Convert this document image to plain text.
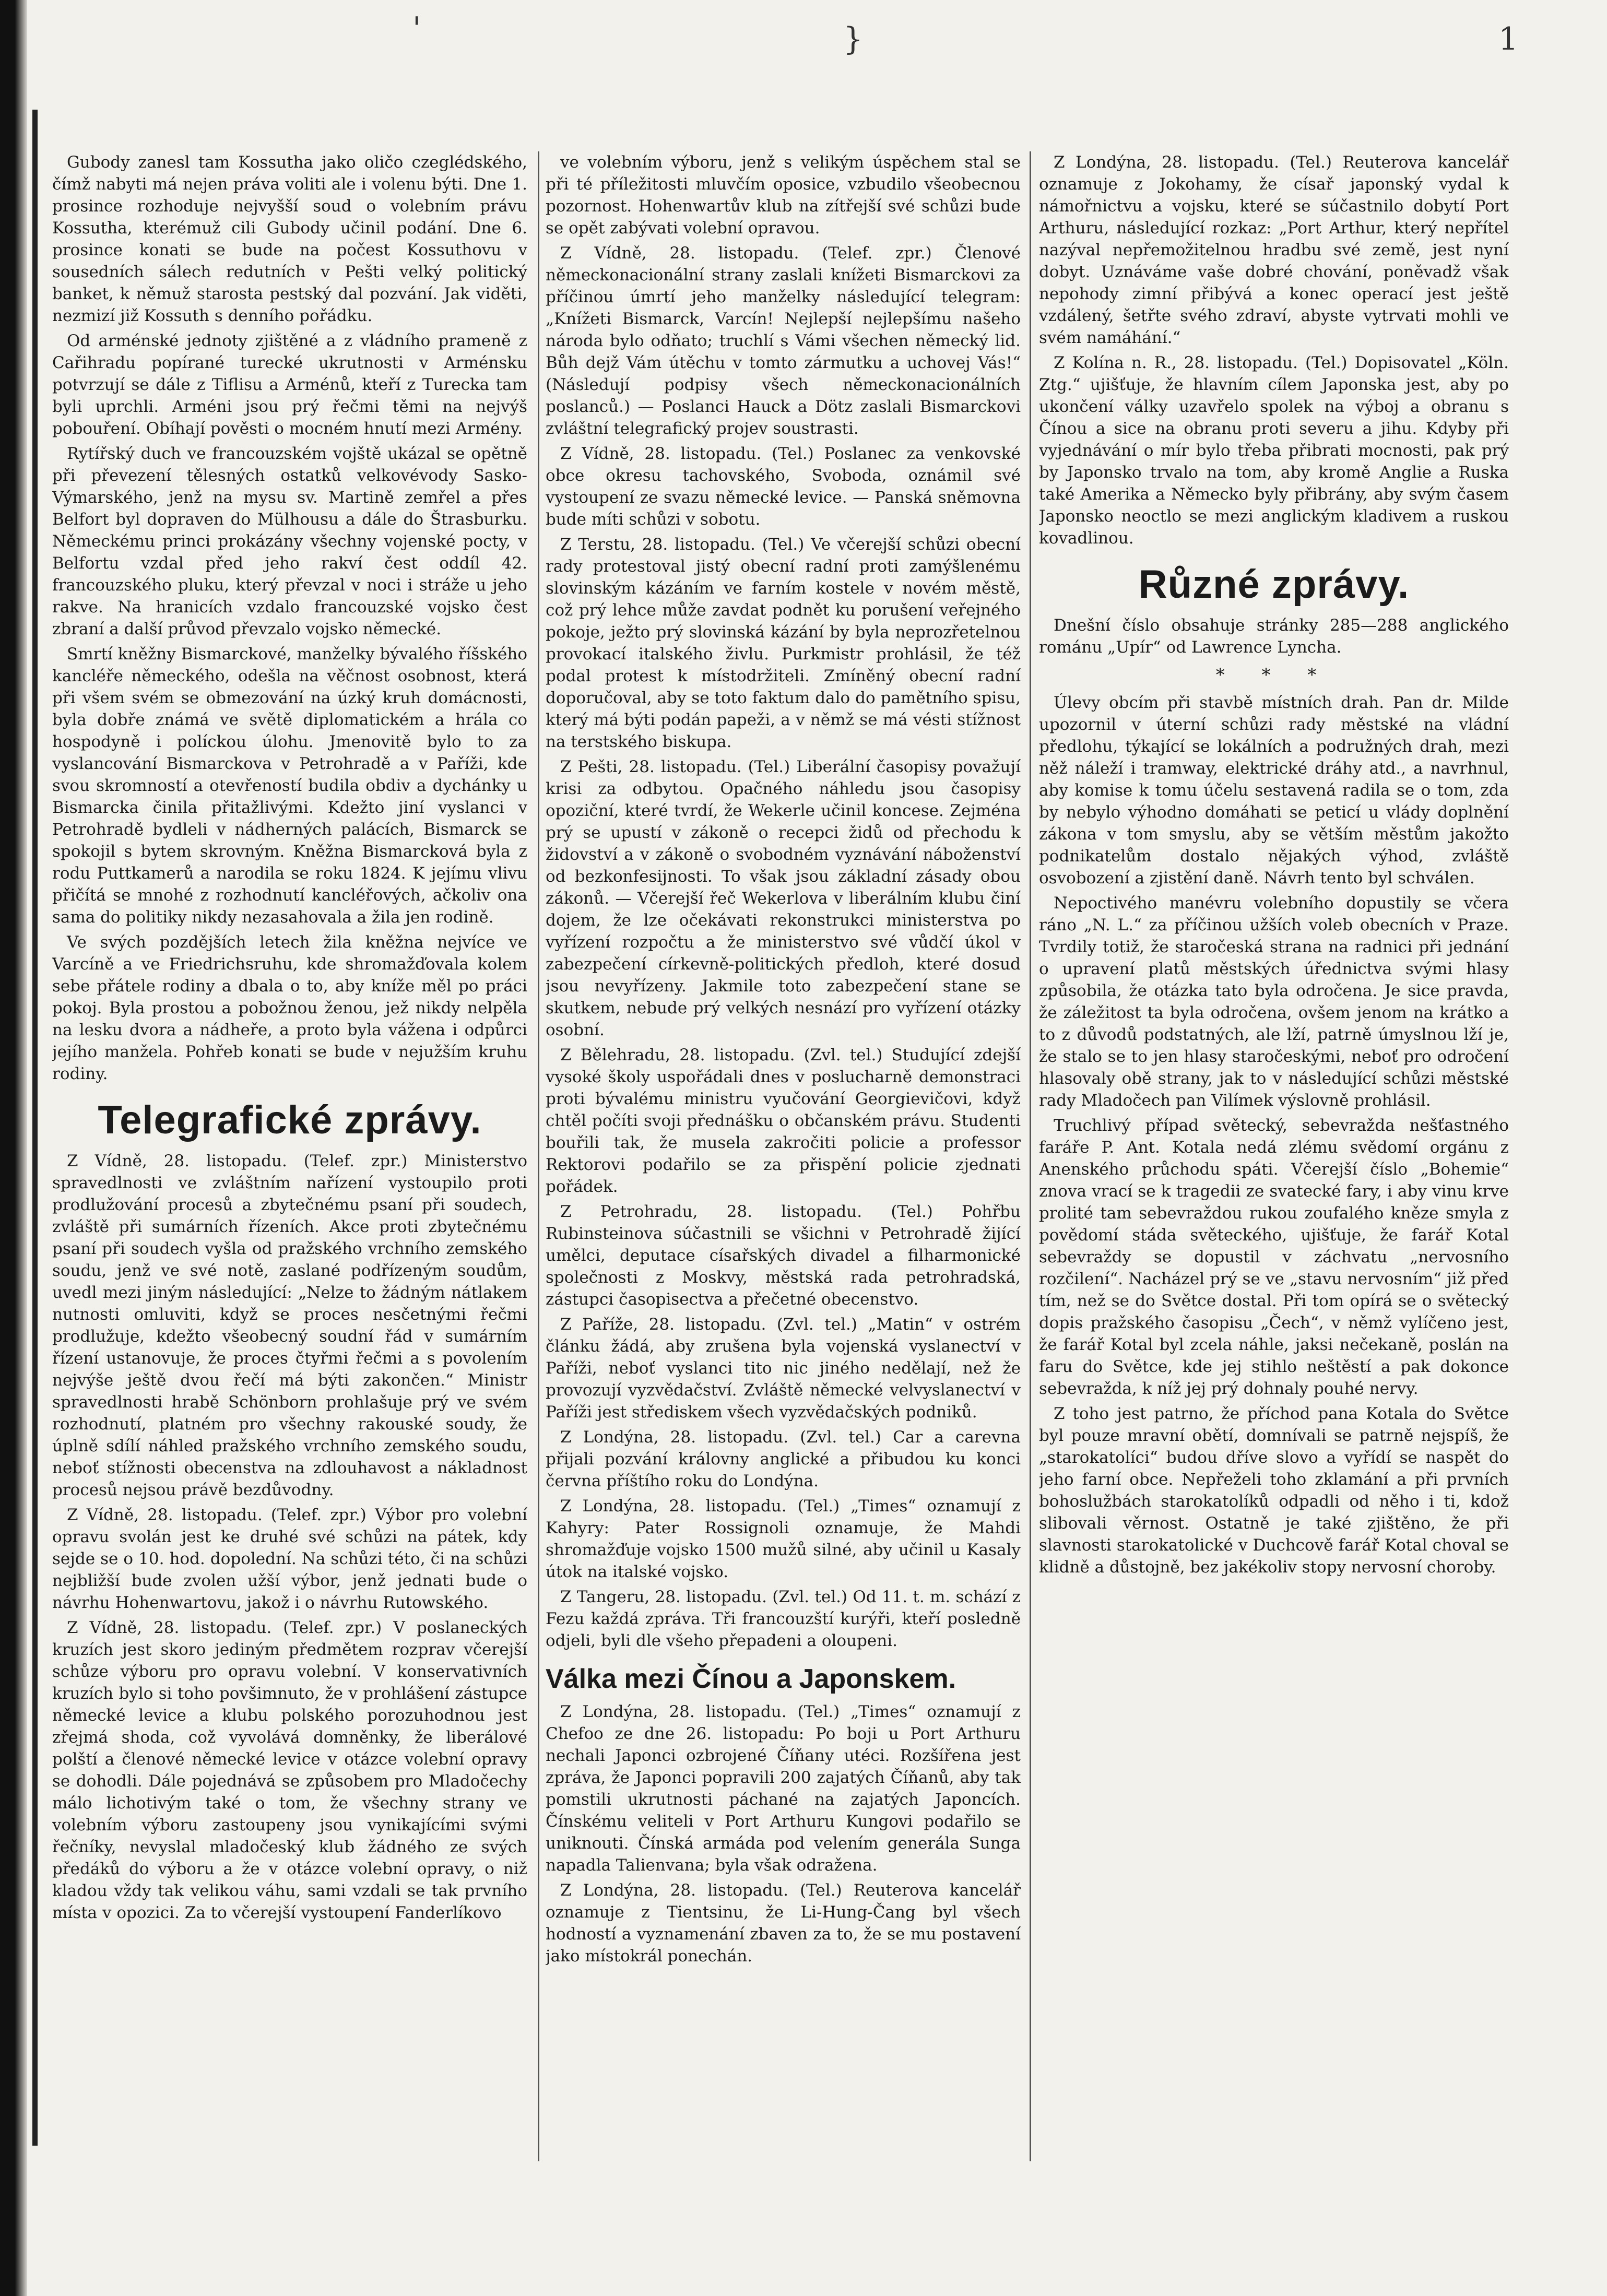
'	}	1

Gubody zanesl tam Kossutha jako oličo czeglédského, čímž nabyti má nejen práva voliti ale i volenu býti. Dne 1. prosince rozhoduje nejvyšší soud o volebním právu Kossutha, kterémuž cili Gubody učinil podání. Dne 6. prosince konati se bude na počest Kossuthovu v sousedních sálech redutních v Pešti velký politický banket, k němuž starosta pestský dal pozvání. Jak viděti, nezmizí již Kossuth s denního pořádku.

Od arménské jednoty zjištěné a z vládního prameně z Cařihradu popírané turecké ukrutnosti v Arménsku potvrzují se dále z Tiflisu a Arménů, kteří z Turecka tam byli uprchli. Arméni jsou prý řečmi těmi na nejvýš pobouření. Obíhají pověsti o mocném hnutí mezi Armény.

Rytířský duch ve francouzském vojště ukázal se opětně při převezení tělesných ostatků velkovévody Sasko-Výmarského, jenž na mysu sv. Martině zemřel a přes Belfort byl dopraven do Mülhousu a dále do Štrasburku. Německému princi prokázány všechny vojenské pocty, v Belfortu vzdal před jeho rakví čest oddíl 42. francouzského pluku, který převzal v noci i stráže u jeho rakve. Na hranicích vzdalo francouzské vojsko čest zbraní a další průvod převzalo vojsko německé.

Smrtí kněžny Bismarckové, manželky bývalého říšského kancléře německého, odešla na věčnost osobnost, která při všem svém se obmezování na úzký kruh domácnosti, byla dobře známá ve světě diplomatickém a hrála co hospodyně i políckou úlohu. Jmenovitě bylo to za vyslancování Bismarckova v Petrohradě a v Paříži, kde svou skromností a otevřeností budila obdiv a dychánky u Bismarcka činila přitažlivými. Kdežto jiní vyslanci v Petrohradě bydleli v nádherných palácích, Bismarck se spokojil s bytem skrovným. Kněžna Bismarcková byla z rodu Puttkamerů a narodila se roku 1824. K jejímu vlivu přičítá se mnohé z rozhodnutí kancléřových, ačkoliv ona sama do politiky nikdy nezasahovala a žila jen rodině.

Ve svých pozdějších letech žila kněžna nejvíce ve Varcíně a ve Friedrichsruhu, kde shromažďovala kolem sebe přátele rodiny a dbala o to, aby kníže měl po práci pokoj. Byla prostou a pobožnou ženou, jež nikdy nelpěla na lesku dvora a nádheře, a proto byla vážena i odpůrci jejího manžela. Pohřeb konati se bude v nejužším kruhu rodiny.

Telegrafické zprávy.

Z Vídně, 28. listopadu. (Telef. zpr.) Ministerstvo spravedlnosti ve zvláštním nařízení vystoupilo proti prodlužování procesů a zbytečnému psaní při soudech, zvláště při sumárních řízeních. Akce proti zbytečnému psaní při soudech vyšla od pražského vrchního zemského soudu, jenž ve své notě, zaslané podřízeným soudům, uvedl mezi jiným následující: „Nelze to žádným nátlakem nutnosti omluviti, když se proces nesčetnými řečmi prodlužuje, kdežto všeobecný soudní řád v sumárním řízení ustanovuje, že proces čtyřmi řečmi a s povolením nejvýše ještě dvou řečí má býti zakončen.“ Ministr spravedlnosti hrabě Schönborn prohlašuje prý ve svém rozhodnutí, platném pro všechny rakouské soudy, že úplně sdílí náhled pražského vrchního zemského soudu, neboť stížnosti obecenstva na zdlouhavost a nákladnost procesů nejsou právě bezdůvodny.

Z Vídně, 28. listopadu. (Telef. zpr.) Výbor pro volební opravu svolán jest ke druhé své schůzi na pátek, kdy sejde se o 10. hod. dopolední. Na schůzi této, či na schůzi nejbližší bude zvolen užší výbor, jenž jednati bude o návrhu Hohenwartovu, jakož i o návrhu Rutowského.

Z Vídně, 28. listopadu. (Telef. zpr.) V poslaneckých kruzích jest skoro jediným předmětem rozprav včerejší schůze výboru pro opravu volební. V konservativních kruzích bylo si toho povšimnuto, že v prohlášení zástupce německé levice a klubu polského porozuhodnou jest zřejmá shoda, což vyvolává domněnky, že liberálové polští a členové německé levice v otázce volební opravy se dohodli. Dále pojednává se způsobem pro Mladočechy málo lichotivým také o tom, že všechny strany ve volebním výboru zastoupeny jsou vynikajícími svými řečníky, nevyslal mladočeský klub žádného ze svých předáků do výboru a že v otázce volební opravy, o niž kladou vždy tak velikou váhu, sami vzdali se tak prvního místa v opozici. Za to včerejší vystoupení Fanderlíkovo

ve volebním výboru, jenž s velikým úspěchem stal se při té příležitosti mluvčím oposice, vzbudilo všeobecnou pozornost. Hohenwartův klub na zítřejší své schůzi bude se opět zabývati volební opravou.

Z Vídně, 28. listopadu. (Telef. zpr.) Členové německonacionální strany zaslali knížeti Bismarckovi za příčinou úmrtí jeho manželky následující telegram: „Knížeti Bismarck, Varcín! Nejlepší nejlepšímu našeho národa bylo odňato; truchlí s Vámi všechen německý lid. Bůh dejž Vám útěchu v tomto zármutku a uchovej Vás!“ (Následují podpisy všech německonacionálních poslanců.) — Poslanci Hauck a Dötz zaslali Bismarckovi zvláštní telegrafický projev soustrasti.

Z Vídně, 28. listopadu. (Tel.) Poslanec za venkovské obce okresu tachovského, Svoboda, oznámil své vystoupení ze svazu německé levice. — Panská sněmovna bude míti schůzi v sobotu.

Z Terstu, 28. listopadu. (Tel.) Ve včerejší schůzi obecní rady protestoval jistý obecní radní proti zamýšlenému slovinským kázáním ve farním kostele v novém městě, což prý lehce může zavdat podnět ku porušení veřejného pokoje, ježto prý slovinská kázání by byla neprozřetelnou provokací italského živlu. Purkmistr prohlásil, že též podal protest k místodržiteli. Zmíněný obecní radní doporučoval, aby se toto faktum dalo do pamětního spisu, který má býti podán papeži, a v němž se má vésti stížnost na terstského biskupa.

Z Pešti, 28. listopadu. (Tel.) Liberální časopisy považují krisi za odbytou. Opačného náhledu jsou časopisy opoziční, které tvrdí, že Wekerle učinil koncese. Zejména prý se upustí v zákoně o recepci židů od přechodu k židovství a v zákoně o svobodném vyznávání náboženství od bezkonfesijnosti. To však jsou základní zásady obou zákonů. — Včerejší řeč Wekerlova v liberálním klubu činí dojem, že lze očekávati rekonstrukci ministerstva po vyřízení rozpočtu a že ministerstvo své vůdčí úkol v zabezpečení církevně-politických předloh, které dosud jsou nevyřízeny. Jakmile toto zabezpečení stane se skutkem, nebude prý velkých nesnází pro vyřízení otázky osobní.

Z Bělehradu, 28. listopadu. (Zvl. tel.) Studující zdejší vysoké školy uspořádali dnes v poslucharně demonstraci proti bývalému ministru vyučování Georgievičovi, když chtěl počíti svoji přednášku o občanském právu. Studenti bouřili tak, že musela zakročiti policie a professor Rektorovi podařilo se za přispění policie zjednati pořádek.

Z Petrohradu, 28. listopadu. (Tel.) Pohřbu Rubinsteinova súčastnili se všichni v Petrohradě žijící umělci, deputace císařských divadel a filharmonické společnosti z Moskvy, městská rada petrohradská, zástupci časopisectva a přečetné obecenstvo.

Z Paříže, 28. listopadu. (Zvl. tel.) „Matin“ v ostrém článku žádá, aby zrušena byla vojenská vyslanectví v Paříži, neboť vyslanci tito nic jiného nedělají, než že provozují vyzvědačství. Zvláště německé velvyslanectví v Paříži jest střediskem všech vyzvědačských podniků.

Z Londýna, 28. listopadu. (Zvl. tel.) Car a carevna přijali pozvání královny anglické a přibudou ku konci června příštího roku do Londýna.

Z Londýna, 28. listopadu. (Tel.) „Times“ oznamují z Kahyry: Pater Rossignoli oznamuje, že Mahdi shromažďuje vojsko 1500 mužů silné, aby učinil u Kasaly útok na italské vojsko.

Z Tangeru, 28. listopadu. (Zvl. tel.) Od 11. t. m. schází z Fezu každá zpráva. Tři francouzští kurýři, kteří posledně odjeli, byli dle všeho přepadeni a oloupeni.

Válka mezi Čínou a Japonskem.

Z Londýna, 28. listopadu. (Tel.) „Times“ oznamují z Chefoo ze dne 26. listopadu: Po boji u Port Arthuru nechali Japonci ozbrojené Číňany utéci. Rozšířena jest zpráva, že Japonci popravili 200 zajatých Číňanů, aby tak pomstili ukrutnosti páchané na zajatých Japoncích. Čínskému veliteli v Port Arthuru Kungovi podařilo se uniknouti. Čínská armáda pod velením generála Sunga napadla Talienvana; byla však odražena.

Z Londýna, 28. listopadu. (Tel.) Reuterova kancelář oznamuje z Tientsinu, že Li-Hung-Čang byl všech hodností a vyznamenání zbaven za to, že se mu postavení jako místokrál ponechán.

Z Londýna, 28. listopadu. (Tel.) Reuterova kancelář oznamuje z Jokohamy, že císař japonský vydal k námořnictvu a vojsku, které se súčastnilo dobytí Port Arthuru, následující rozkaz: „Port Arthur, který nepřítel nazýval nepřemožitelnou hradbu své země, jest nyní dobyt. Uznáváme vaše dobré chování, poněvadž však nepohody zimní přibývá a konec operací jest ještě vzdálený, šetřte svého zdraví, abyste vytrvati mohli ve svém namáhání.“

Z Kolína n. R., 28. listopadu. (Tel.) Dopisovatel „Köln. Ztg.“ ujišťuje, že hlavním cílem Japonska jest, aby po ukončení války uzavřelo spolek na výboj a obranu s Čínou a sice na obranu proti severu a jihu. Kdyby při vyjednávání o mír bylo třeba přibrati mocnosti, pak prý by Japonsko trvalo na tom, aby kromě Anglie a Ruska také Amerika a Německo byly přibrány, aby svým časem Japonsko neoctlo se mezi anglickým kladivem a ruskou kovadlinou.

Různé zprávy.

Dnešní číslo obsahuje stránky 285—288 anglického románu „Upír“ od Lawrence Lyncha.

* * *

Úlevy obcím při stavbě místních drah. Pan dr. Milde upozornil v úterní schůzi rady městské na vládní předlohu, týkající se lokálních a podružných drah, mezi něž náleží i tramway, elektrické dráhy atd., a navrhnul, aby komise k tomu účelu sestavená radila se o tom, zda by nebylo výhodno domáhati se peticí u vlády doplnění zákona v tom smyslu, aby se větším městům jakožto podnikatelům dostalo nějakých výhod, zvláště osvobození a zjistění daně. Návrh tento byl schválen.

Nepoctivého manévru volebního dopustily se včera ráno „N. L.“ za příčinou užších voleb obecních v Praze. Tvrdily totiž, že staročeská strana na radnici při jednání o upravení platů městských úřednictva svými hlasy způsobila, že otázka tato byla odročena. Je sice pravda, že záležitost ta byla odročena, ovšem jenom na krátko a to z důvodů podstatných, ale lží, patrně úmyslnou lží je, že stalo se to jen hlasy staročeskými, neboť pro odročení hlasovaly obě strany, jak to v následující schůzi městské rady Mladočech pan Vilímek výslovně prohlásil.

Truchlivý případ světecký, sebevražda nešťastného faráře P. Ant. Kotala nedá zlému svědomí orgánu z Anenského průchodu spáti. Včerejší číslo „Bohemie“ znova vrací se k tragedii ze svatecké fary, i aby vinu krve prolité tam sebevraždou rukou zoufalého kněze smyla z povědomí stáda světeckého, ujišťuje, že farář Kotal sebevraždy se dopustil v záchvatu „nervosního rozčilení“. Nacházel prý se ve „stavu nervosním“ již před tím, než se do Světce dostal. Při tom opírá se o světecký dopis pražského časopisu „Čech“, v němž vylíčeno jest, že farář Kotal byl zcela náhle, jaksi nečekaně, poslán na faru do Světce, kde jej stihlo neštěstí a pak dokonce sebevražda, k níž jej prý dohnaly pouhé nervy.

Z toho jest patrno, že příchod pana Kotala do Světce byl pouze mravní obětí, domnívali se patrně nejspíš, že „starokatolíci“ budou dříve slovo a vyřídí se naspět do jeho farní obce. Nepřeželi toho zklamání a při prvních bohoslužbách starokatolíků odpadli od něho i ti, kdož slibovali věrnost. Ostatně je také zjištěno, že při slavnosti starokatolické v Duchcově farář Kotal choval se klidně a důstojně, bez jakékoliv stopy nervosní choroby.
